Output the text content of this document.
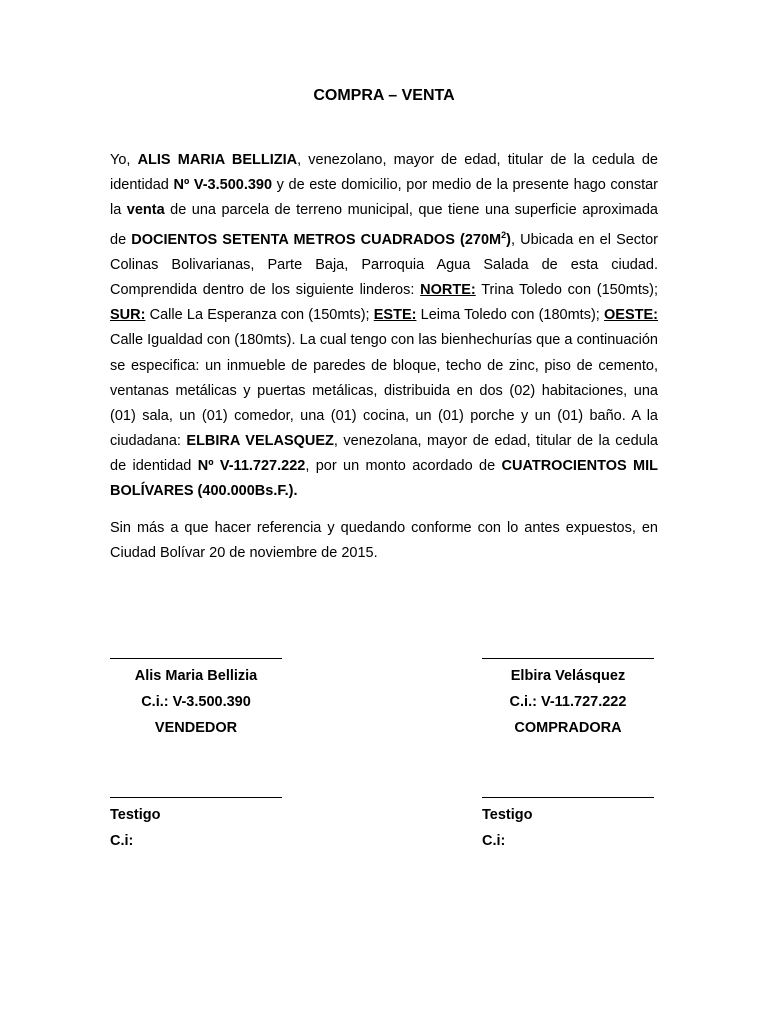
COMPRA – VENTA

Yo, ALIS MARIA BELLIZIA, venezolano, mayor de edad, titular de la cedula de identidad Nº V-3.500.390 y de este domicilio, por medio de la presente hago constar la venta de una parcela de terreno municipal, que tiene una superficie aproximada de DOCIENTOS SETENTA METROS CUADRADOS $(270M^2)$, Ubicada en el Sector Colinas Bolivarianas, Parte Baja, Parroquia Agua Salada de esta ciudad. Comprendida dentro de los siguiente linderos: NORTE: Trina Toledo con (150mts); SUR: Calle La Esperanza con (150mts); ESTE: Leima Toledo con (180mts); OESTE: Calle Igualdad con (180mts). La cual tengo con las bienhechurías que a continuación se especifica: un inmueble de paredes de bloque, techo de zinc, piso de cemento, ventanas metálicas y puertas metálicas, distribuida en dos (02) habitaciones, una (01) sala, un (01) comedor, una (01) cocina, un (01) porche y un (01) baño. A la ciudadana: ELBIRA VELASQUEZ, venezolana, mayor de edad, titular de la cedula de identidad Nº V-11.727.222, por un monto acordado de CUATROCIENTOS MIL BOLÍVARES (400.000Bs.F.).

Sin más a que hacer referencia y quedando conforme con lo antes expuestos, en Ciudad Bolívar 20 de noviembre de 2015.

Alis Maria Bellizia
C.i.: V-3.500.390
VENDEDOR
Elbira Velásquez
C.i.: V-11.727.222
COMPRADORA
Testigo
C.i:
Testigo
C.i:
